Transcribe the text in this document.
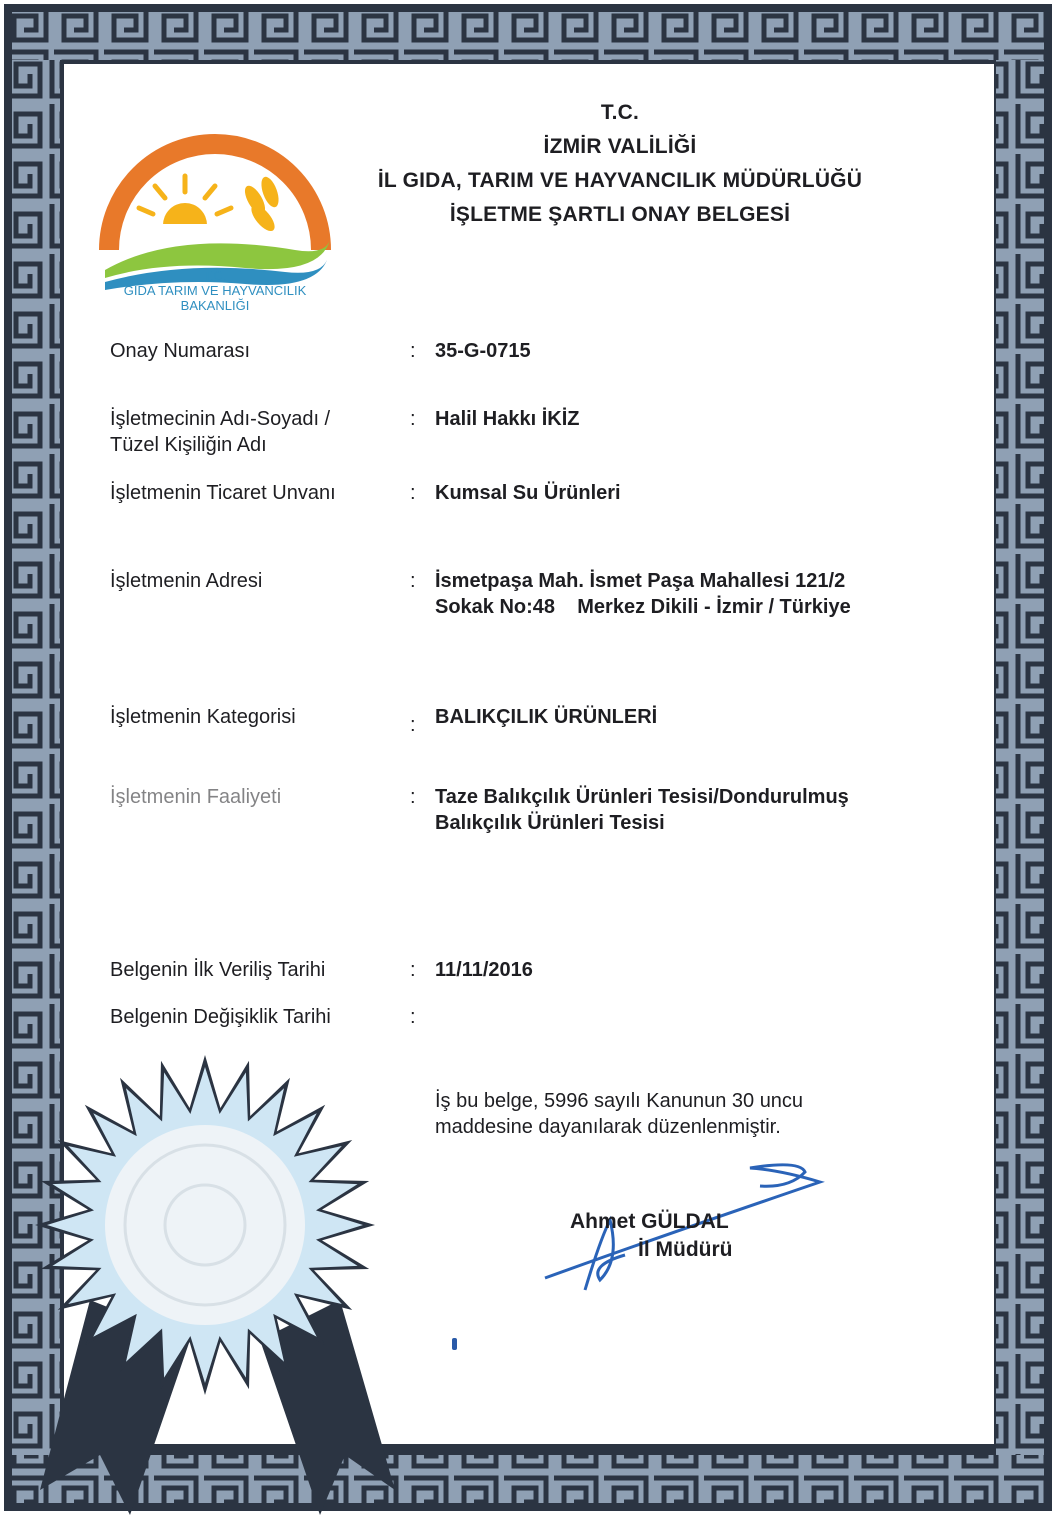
T.C.
GIDA TARIM VE HAYVANCILIK
BAKANLIĞI
T.C.
İZMİR VALİLİĞİ
İL GIDA, TARIM VE HAYVANCILIK MÜDÜRLÜĞÜ
İŞLETME ŞARTLI ONAY BELGESİ
Onay Numarası	: 35-G-0715
İşletmecinin Adı-Soyadı /
Tüzel Kişiliğin Adı
: Halil Hakkı İKİZ
İşletmenin Ticaret Unvanı	: Kumsal Su Ürünleri
İşletmenin Adresi	: İsmetpaşa Mah. İsmet Paşa Mahallesi 121/2
Sokak No:48    Merkez Dikili - İzmir / Türkiye
İşletmenin Kategorisi	: BALIKÇILIK ÜRÜNLERİ
İşletmenin Faaliyeti	: Taze Balıkçılık Ürünleri Tesisi/Dondurulmuş
Balıkçılık Ürünleri Tesisi
Belgenin İlk Veriliş Tarihi	: 11/11/2016
Belgenin Değişiklik Tarihi	:
İş bu belge, 5996 sayılı Kanunun 30 uncu
maddesine dayanılarak düzenlenmiştir.
Ahmet GÜLDAL
İl Müdürü
